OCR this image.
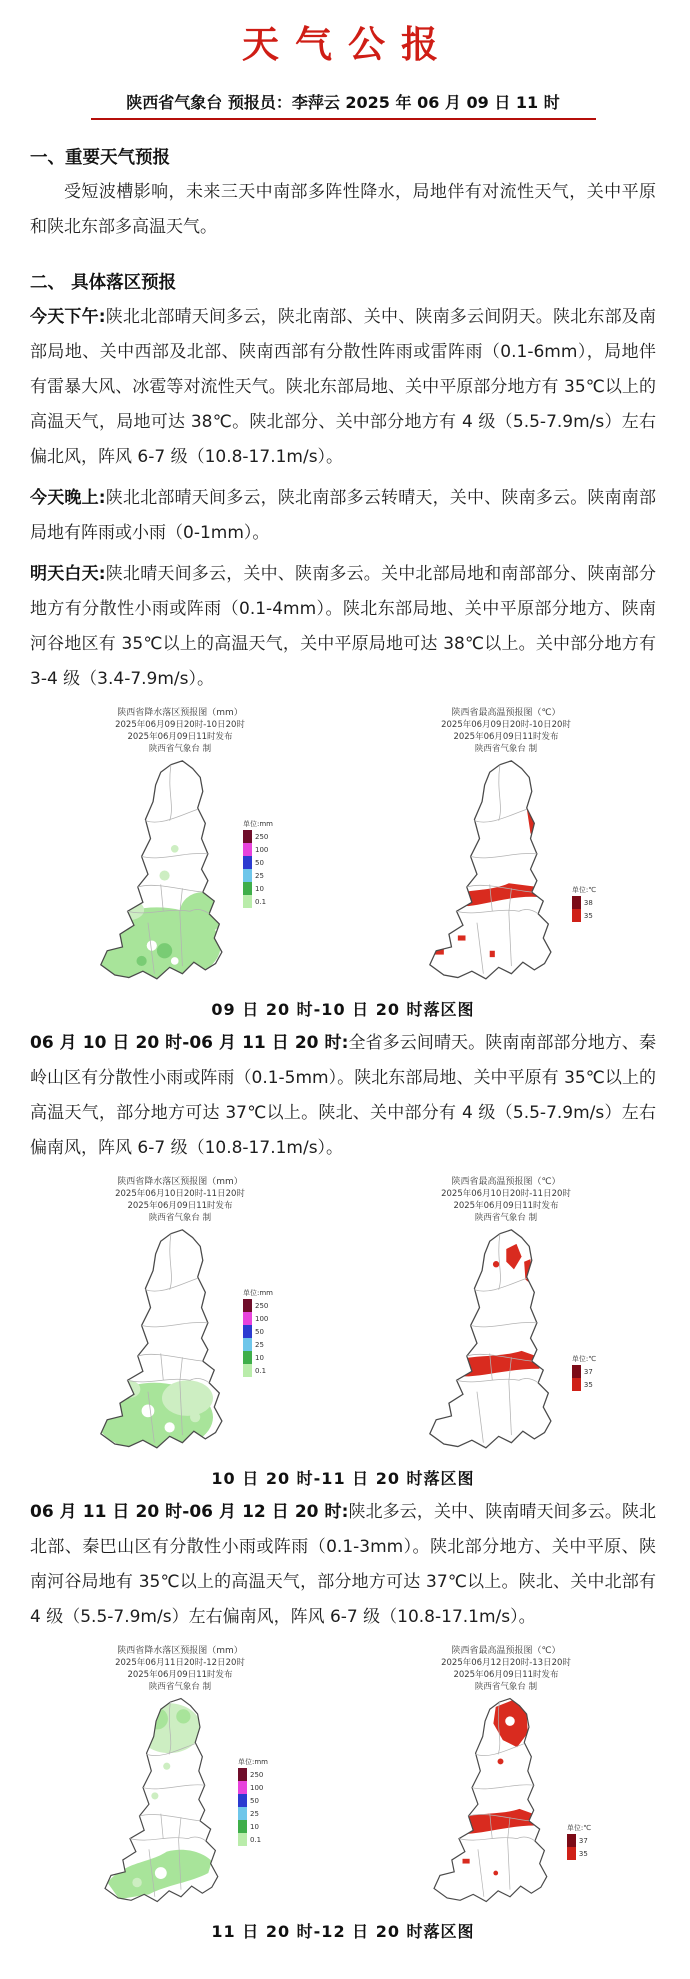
天气公报
陕西省气象台 预报员：李萍云 2025 年 06 月 09 日 11 时
一、重要天气预报

受短波槽影响，未来三天中南部多阵性降水，局地伴有对流性天气，关中平原和陕北东部多高温天气。

二、 具体落区预报

今天下午:陕北北部晴天间多云，陕北南部、关中、陕南多云间阴天。陕北东部及南部局地、关中西部及北部、陕南西部有分散性阵雨或雷阵雨（0.1-6mm），局地伴有雷暴大风、冰雹等对流性天气。陕北东部局地、关中平原部分地方有 35℃以上的高温天气，局地可达 38℃。陕北部分、关中部分地方有 4 级（5.5-7.9m/s）左右偏北风，阵风 6-7 级（10.8-17.1m/s）。

今天晚上:陕北北部晴天间多云，陕北南部多云转晴天，关中、陕南多云。陕南南部局地有阵雨或小雨（0-1mm）。

明天白天:陕北晴天间多云，关中、陕南多云。关中北部局地和南部部分、陕南部分地方有分散性小雨或阵雨（0.1-4mm）。陕北东部局地、关中平原部分地方、陕南河谷地区有 35℃以上的高温天气，关中平原局地可达 38℃以上。关中部分地方有 3-4 级（3.4-7.9m/s）。

陕西省降水落区预报图（mm）
2025年06月09日20时-10日20时
2025年06月09日11时发布
陕西省气象台 制
单位:mm
250
100
50
25
10
0.1
陕西省最高温预报图（℃）
2025年06月09日20时-10日20时
2025年06月09日11时发布
陕西省气象台 制
单位:℃
38
35
09 日 20 时-10 日 20 时落区图

06 月 10 日 20 时-06 月 11 日 20 时:全省多云间晴天。陕南南部部分地方、秦岭山区有分散性小雨或阵雨（0.1-5mm）。陕北东部局地、关中平原有 35℃以上的高温天气，部分地方可达 37℃以上。陕北、关中部分有 4 级（5.5-7.9m/s）左右偏南风，阵风 6-7 级（10.8-17.1m/s）。

陕西省降水落区预报图（mm）
2025年06月10日20时-11日20时
2025年06月09日11时发布
陕西省气象台 制
单位:mm
250
100
50
25
10
0.1
陕西省最高温预报图（℃）
2025年06月10日20时-11日20时
2025年06月09日11时发布
陕西省气象台 制
单位:℃
37
35
10 日 20 时-11 日 20 时落区图

06 月 11 日 20 时-06 月 12 日 20 时:陕北多云，关中、陕南晴天间多云。陕北北部、秦巴山区有分散性小雨或阵雨（0.1-3mm）。陕北部分地方、关中平原、陕南河谷局地有 35℃以上的高温天气，部分地方可达 37℃以上。陕北、关中北部有 4 级（5.5-7.9m/s）左右偏南风，阵风 6-7 级（10.8-17.1m/s）。

陕西省降水落区预报图（mm）
2025年06月11日20时-12日20时
2025年06月09日11时发布
陕西省气象台 制
单位:mm
250
100
50
25
10
0.1
陕西省最高温预报图（℃）
2025年06月12日20时-13日20时
2025年06月09日11时发布
陕西省气象台 制
单位:℃
37
35
11 日 20 时-12 日 20 时落区图
